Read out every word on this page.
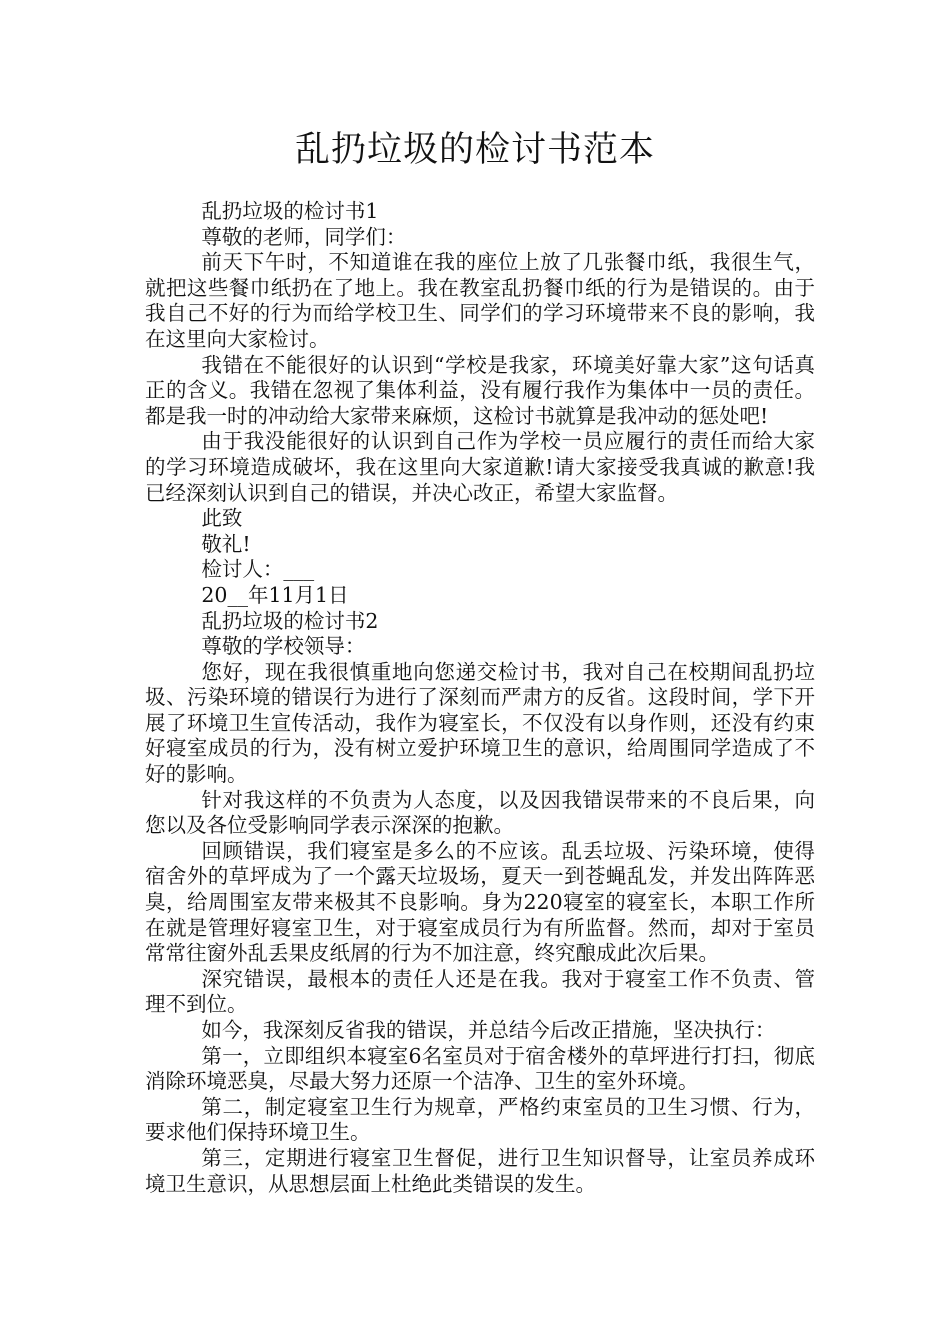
乱扔垃圾的检讨书范本

乱扔垃圾的检讨书1

尊敬的老师，同学们：

前天下午时，不知道谁在我的座位上放了几张餐巾纸，我很生气，就把这些餐巾纸扔在了地上。我在教室乱扔餐巾纸的行为是错误的。由于我自己不好的行为而给学校卫生、同学们的学习环境带来不良的影响，我在这里向大家检讨。

我错在不能很好的认识到“学校是我家，环境美好靠大家”这句话真正的含义。我错在忽视了集体利益，没有履行我作为集体中一员的责任。都是我一时的冲动给大家带来麻烦，这检讨书就算是我冲动的惩处吧!

由于我没能很好的认识到自己作为学校一员应履行的责任而给大家的学习环境造成破坏，我在这里向大家道歉!请大家接受我真诚的歉意!我已经深刻认识到自己的错误，并决心改正，希望大家监督。

此致

敬礼!

检讨人：___

20__年11月1日

乱扔垃圾的检讨书2

尊敬的学校领导：

您好，现在我很慎重地向您递交检讨书，我对自己在校期间乱扔垃圾、污染环境的错误行为进行了深刻而严肃方的反省。这段时间，学下开展了环境卫生宣传活动，我作为寝室长，不仅没有以身作则，还没有约束好寝室成员的行为，没有树立爱护环境卫生的意识，给周围同学造成了不好的影响。

针对我这样的不负责为人态度，以及因我错误带来的不良后果，向您以及各位受影响同学表示深深的抱歉。

回顾错误，我们寝室是多么的不应该。乱丢垃圾、污染环境，使得宿舍外的草坪成为了一个露天垃圾场，夏天一到苍蝇乱发，并发出阵阵恶臭，给周围室友带来极其不良影响。身为220寝室的寝室长，本职工作所在就是管理好寝室卫生，对于寝室成员行为有所监督。然而，却对于室员常常往窗外乱丢果皮纸屑的行为不加注意，终究酿成此次后果。

深究错误，最根本的责任人还是在我。我对于寝室工作不负责、管理不到位。

如今，我深刻反省我的错误，并总结今后改正措施，坚决执行：

第一，立即组织本寝室6名室员对于宿舍楼外的草坪进行打扫，彻底消除环境恶臭，尽最大努力还原一个洁净、卫生的室外环境。

第二，制定寝室卫生行为规章，严格约束室员的卫生习惯、行为，要求他们保持环境卫生。

第三，定期进行寝室卫生督促，进行卫生知识督导，让室员养成环境卫生意识，从思想层面上杜绝此类错误的发生。
